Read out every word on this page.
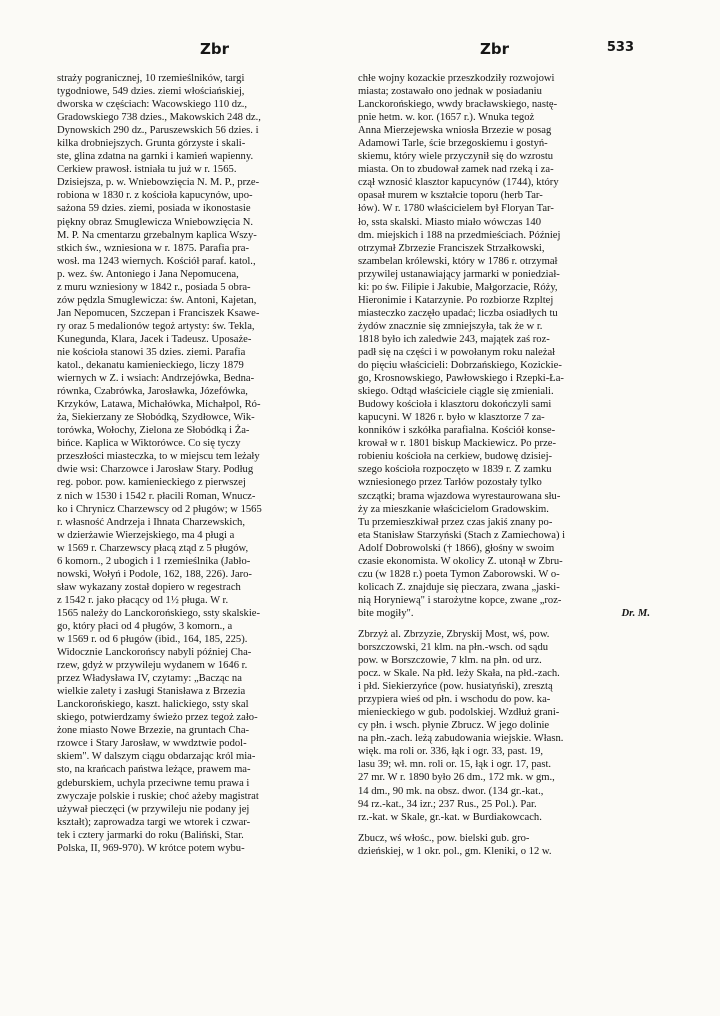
Zbr	Zbr	533
straży pogranicznej, 10 rzemieślników, targi
tygodniowe, 549 dzies. ziemi włościańskiej,
dworska w częściach: Wacowskiego 110 dz.,
Gradowskiego 738 dzies., Makowskich 248 dz.,
Dynowskich 290 dz., Paruszewskich 56 dzies. i
kilka drobniejszych. Grunta górzyste i skali-
ste, glina zdatna na garnki i kamień wapienny.
Cerkiew prawosł. istniała tu już w r. 1565.
Dzisiejsza, p. w. Wniebowzięcia N. M. P., prze-
robiona w 1830 r. z kościoła kapucynów, upo-
sażona 59 dzies. ziemi, posiada w ikonostasie
piękny obraz Smuglewicza Wniebowzięcia N.
M. P. Na cmentarzu grzebalnym kaplica Wszy-
stkich św., wzniesiona w r. 1875. Parafia pra-
wosł. ma 1243 wiernych. Kościół paraf. katol.,
p. wez. św. Antoniego i Jana Nepomucena,
z muru wzniesiony w 1842 r., posiada 5 obra-
zów pędzla Smuglewicza: św. Antoni, Kajetan,
Jan Nepomucen, Szczepan i Franciszek Ksawe-
ry oraz 5 medalionów tegoż artysty: św. Tekla,
Kunegunda, Klara, Jacek i Tadeusz. Uposaże-
nie kościoła stanowi 35 dzies. ziemi. Parafia
katol., dekanatu kamienieckiego, liczy 1879
wiernych w Z. i wsiach: Andrzejówka, Bedna-
równka, Czabrówka, Jarosławka, Józefówka,
Krzyków, Latawa, Michałówka, Michałpol, Ró-
ża, Siekierzany ze Słobódką, Szydłowce, Wik-
torówka, Wołochy, Zielona ze Słobódką i Ża-
bińce. Kaplica w Wiktorówce. Co się tyczy
przeszłości miasteczka, to w miejscu tem leżały
dwie wsi: Charzowce i Jarosław Stary. Podług
reg. pobor. pow. kamienieckiego z pierwszej
z nich w 1530 i 1542 r. płacili Roman, Wnucz-
ko i Chrynicz Charzewscy od 2 pługów; w 1565
r. własność Andrzeja i Ihnata Charzewskich,
w dzierżawie Wierzejskiego, ma 4 pługi a
w 1569 r. Charzewscy płacą ztąd z 5 pługów,
6 komorn., 2 ubogich i 1 rzemieślnika (Jabło-
nowski, Wołyń i Podole, 162, 188, 226). Jaro-
sław wykazany został dopiero w regestrach
z 1542 r. jako płacący od 1½ pługa. W r.
1565 należy do Lanckorońskiego, ssty skalskie-
go, który płaci od 4 pługów, 3 komorn., a
w 1569 r. od 6 pługów (ibid., 164, 185, 225).
Widocznie Lanckorońscy nabyli później Cha-
rzew, gdyż w przywileju wydanem w 1646 r.
przez Władysława IV, czytamy: „Bacząc na
wielkie zalety i zasługi Stanisława z Brzezia
Lanckorońskiego, kaszt. halickiego, ssty skal
skiego, potwierdzamy świeżo przez tegoż zało-
żone miasto Nowe Brzezie, na gruntach Cha-
rzowce i Stary Jarosław, w wwdztwie podol-
skiem". W dalszym ciągu obdarzając król mia-
sto, na krańcach państwa leżące, prawem ma-
gdeburskiem, uchyla przeciwne temu prawa i
zwyczaje polskie i ruskie; choć ażeby magistrat
używał pieczęci (w przywileju nie podany jej
kształt); zaprowadza targi we wtorek i czwar-
tek i cztery jarmarki do roku (Baliński, Star.
Polska, II, 969-970). W krótce potem wybu-
chłe wojny kozackie przeszkodziły rozwojowi
miasta; zostawało ono jednak w posiadaniu
Lanckorońskiego, wwdy bracławskiego, nastę-
pnie hetm. w. kor. (1657 r.). Wnuka tegoż
Anna Mierzejewska wniosła Brzezie w posag
Adamowi Tarle, ście brzegoskiemu i gostyń-
skiemu, który wiele przyczynił się do wzrostu
miasta. On to zbudował zamek nad rzeką i za-
czął wznosić klasztor kapucynów (1744), który
opasał murem w kształcie toporu (herb Tar-
łów). W r. 1780 właścicielem był Floryan Tar-
ło, ssta skalski. Miasto miało wówczas 140
dm. miejskich i 188 na przedmieściach. Później
otrzymał Zbrzezie Franciszek Strzałkowski,
szambelan królewski, który w 1786 r. otrzymał
przywilej ustanawiający jarmarki w poniedział-
ki: po św. Filipie i Jakubie, Małgorzacie, Róży,
Hieronimie i Katarzynie. Po rozbiorze Rzpltej
miasteczko zaczęło upadać; liczba osiadłych tu
żydów znacznie się zmniejszyła, tak że w r.
1818 było ich zaledwie 243, majątek zaś roz-
padł się na części i w powołanym roku należał
do pięciu właścicieli: Dobrzańskiego, Kozickie-
go, Krosnowskiego, Pawłowskiego i Rzepki-Ła-
skiego. Odtąd właściciele ciągle się zmieniali.
Budowy kościoła i klasztoru dokończyli sami
kapucyni. W 1826 r. było w klasztorze 7 za-
konników i szkółka parafialna. Kościół konse-
krował w r. 1801 biskup Mackiewicz. Po prze-
robieniu kościoła na cerkiew, budowę dzisiej-
szego kościoła rozpoczęto w 1839 r. Z zamku
wzniesionego przez Tarłów pozostały tylko
szczątki; brama wjazdowa wyrestaurowana słu-
ży za mieszkanie właścicielom Gradowskim.
Tu przemieszkiwał przez czas jakiś znany po-
eta Stanisław Starzyński (Stach z Zamiechowa) i
Adolf Dobrowolski († 1866), głośny w swoim
czasie ekonomista. W okolicy Z. utonął w Zbru-
czu (w 1828 r.) poeta Tymon Zaborowski. W o-
kolicach Z. znajduje się pieczara, zwana „jaski-
nią Horyniewą" i starożytne kopce, zwane „roz-
bite mogiły".	Dr. M.
Zbrzyż al. Zbrzyzie, Zbryskij Most, wś, pow.
borszczowski, 21 klm. na płn.-wsch. od sądu
pow. w Borszczowie, 7 klm. na płn. od urz.
pocz. w Skale. Na płd. leży Skała, na płd.-zach.
i płd. Siekierzyńce (pow. husiatyński), zresztą
przypiera wieś od płn. i wschodu do pow. ka-
mienieckiego w gub. podolskiej. Wzdłuż grani-
cy płn. i wsch. płynie Zbrucz. W jego dolinie
na płn.-zach. leżą zabudowania wiejskie. Własn.
więk. ma roli or. 336, łąk i ogr. 33, past. 19,
lasu 39; wł. mn. roli or. 15, łąk i ogr. 17, past.
27 mr. W r. 1890 było 26 dm., 172 mk. w gm.,
14 dm., 90 mk. na obsz. dwor. (134 gr.-kat.,
94 rz.-kat., 34 izr.; 237 Rus., 25 Pol.). Par.
rz.-kat. w Skale, gr.-kat. w Burdiakowcach.
Zbucz, wś włośc., pow. bielski gub. gro-
dzieńskiej, w 1 okr. pol., gm. Kleniki, o 12 w.
